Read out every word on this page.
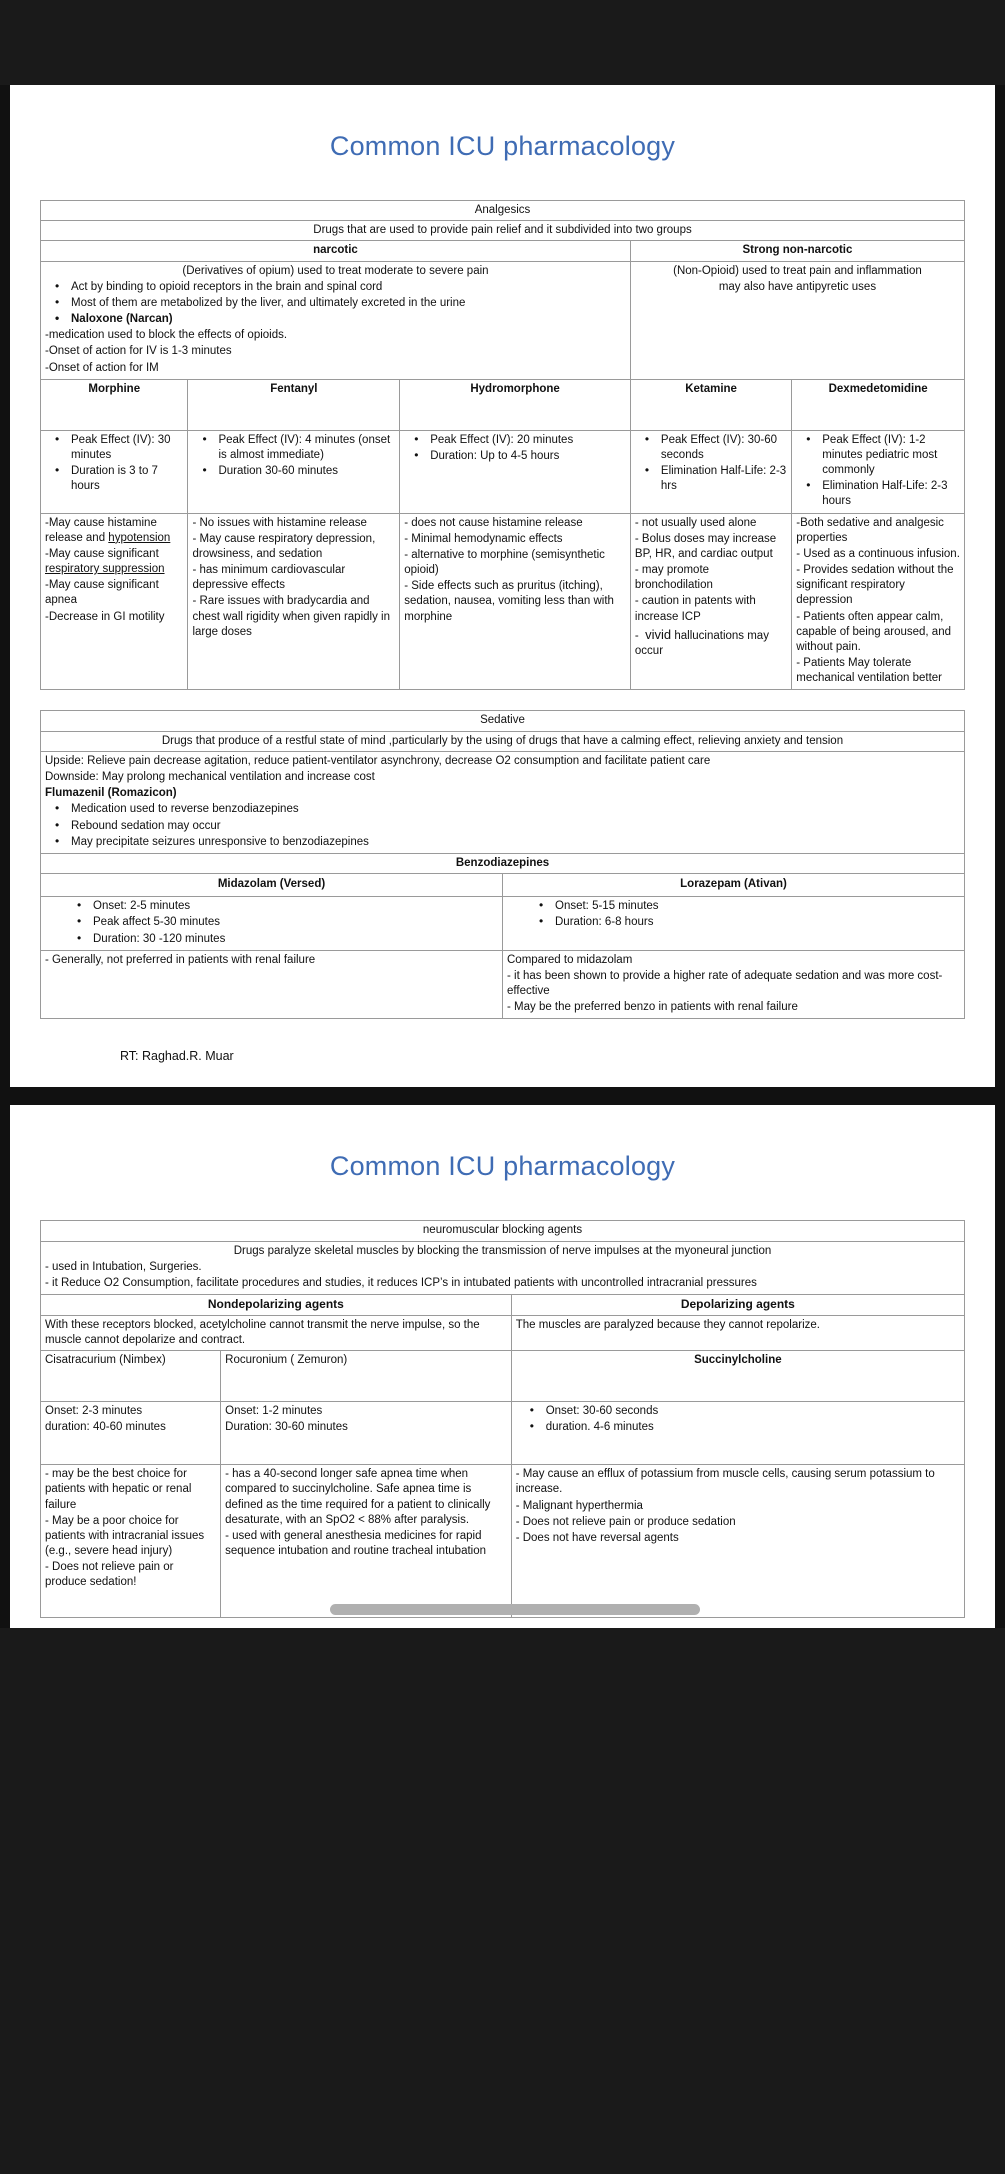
Common ICU pharmacology
Analgesics				
Drugs that are used to provide pain relief and it subdivided into two groups				
narcotic			Strong non-narcotic	

(Derivatives of opium) used to treat moderate to severe pain
• Act by binding to opioid receptors in the brain and spinal cord
• Most of them are metabolized by the liver, and ultimately excreted in the urine
• Naloxone (Narcan)
-medication used to block the effects of opioids.
-Onset of action for IV is 1-3 minutes
-Onset of action for IM

(Non-Opioid) used to treat pain and inflammation
may also have antipyretic uses

Morphine	Fentanyl	Hydromorphone	Ketamine	Dexmedetomidine

• Peak Effect (IV): 30 minutes
• Duration is 3 to 7 hours

• Peak Effect (IV): 4 minutes (onset is almost immediate)
• Duration 30-60 minutes

• Peak Effect (IV): 20 minutes
• Duration: Up to 4-5 hours

• Peak Effect (IV): 30-60 seconds
• Elimination Half-Life: 2-3 hrs

• Peak Effect (IV): 1-2 minutes pediatric most commonly
• Elimination Half-Life: 2-3 hours

-May cause histamine release and hypotension
-May cause significant respiratory suppression
-May cause significant apnea
-Decrease in GI motility

- No issues with histamine release
- May cause respiratory depression, drowsiness, and sedation
- has minimum cardiovascular depressive effects
- Rare issues with bradycardia and chest wall rigidity when given rapidly in large doses

- does not cause histamine release
- Minimal hemodynamic effects
- alternative to morphine (semisynthetic opioid)
- Side effects such as pruritus (itching), sedation, nausea, vomiting less than with morphine

- not usually used alone
- Bolus doses may increase BP, HR, and cardiac output
- may promote bronchodilation
- caution in patents with increase ICP
-  vivid hallucinations may occur

-Both sedative and analgesic properties
- Used as a continuous infusion.
- Provides sedation without the significant respiratory depression
- Patients often appear calm, capable of being aroused, and without pain.
- Patients May tolerate mechanical ventilation better
Sedative	
Drugs that produce of a restful state of mind ,particularly by the using of drugs that have a calming effect, relieving anxiety and tension	

Upside: Relieve pain decrease agitation, reduce patient-ventilator asynchrony, decrease O2 consumption and facilitate patient care
Downside: May prolong mechanical ventilation and increase cost
Flumazenil (Romazicon)
• Medication used to reverse benzodiazepines
• Rebound sedation may occur
• May precipitate seizures unresponsive to benzodiazepines

Benzodiazepines	
Midazolam (Versed)	Lorazepam (Ativan)

• Onset: 2-5 minutes
• Peak affect 5-30 minutes
• Duration: 30 -120 minutes

• Onset: 5-15 minutes
• Duration: 6-8 hours

- Generally, not preferred in patients with renal failure	Compared to midazolam
- it has been shown to provide a higher rate of adequate sedation and was more cost-effective
- May be the preferred benzo in patients with renal failure
RT: Raghad.R. Muar
Common ICU pharmacology
neuromuscular blocking agents		

Drugs paralyze skeletal muscles by blocking the transmission of nerve impulses at the myoneural junction
- used in Intubation, Surgeries.
- it Reduce O2 Consumption, facilitate procedures and studies, it reduces ICP’s in intubated patients with uncontrolled intracranial pressures		

Nondepolarizing agents		Depolarizing agents
With these receptors blocked, acetylcholine cannot transmit the nerve impulse, so the muscle cannot depolarize and contract.		The muscles are paralyzed because they cannot repolarize.
Cisatracurium (Nimbex)	Rocuronium ( Zemuron)	Succinylcholine

Onset: 2-3 minutes
duration: 40-60 minutes

Onset: 1-2 minutes
Duration: 30-60 minutes

• Onset: 30-60 seconds
• duration. 4-6 minutes

- may be the best choice for patients with hepatic or renal failure
- May be a poor choice for patients with intracranial issues (e.g., severe head injury)
- Does not relieve pain or produce sedation!

- has a 40-second longer safe apnea time when compared to succinylcholine. Safe apnea time is defined as the time required for a patient to clinically desaturate, with an SpO2 < 88% after paralysis.
- used with general anesthesia medicines for rapid sequence intubation and routine tracheal intubation

- May cause an efflux of potassium from muscle cells, causing serum potassium to increase.
- Malignant hyperthermia
- Does not relieve pain or produce sedation
- Does not have reversal agents
